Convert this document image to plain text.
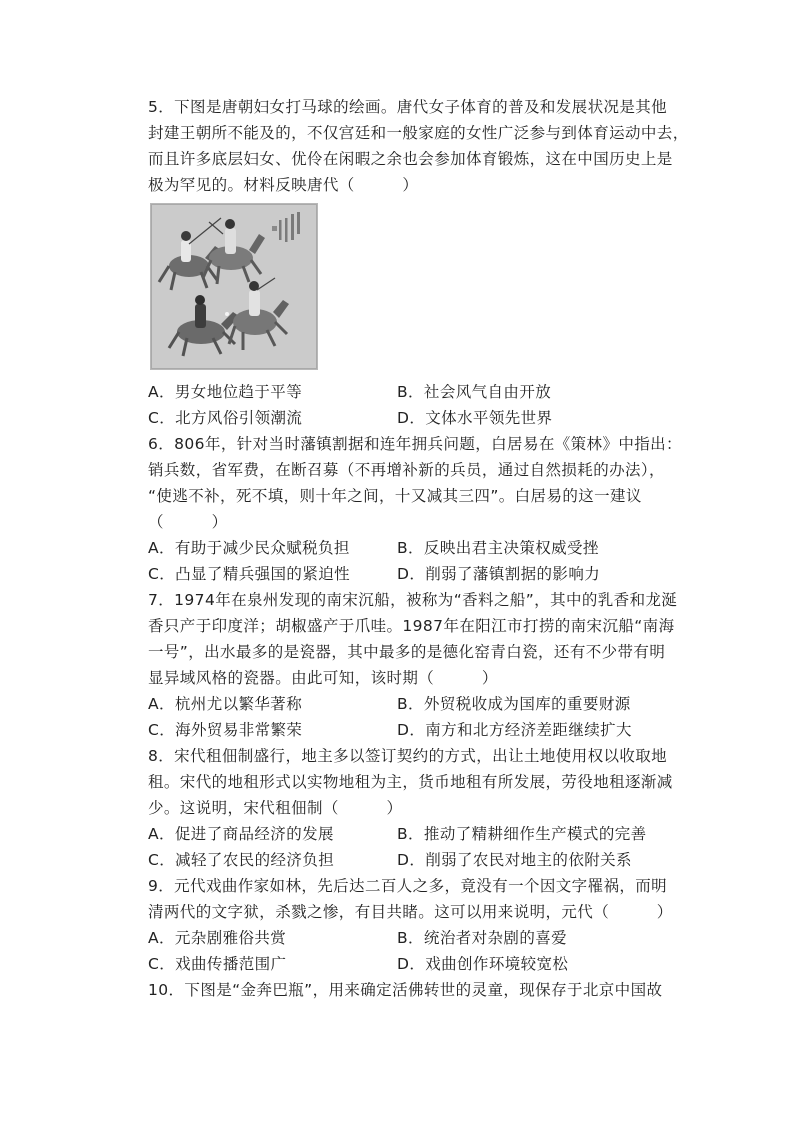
5．下图是唐朝妇女打马球的绘画。唐代女子体育的普及和发展状况是其他
封建王朝所不能及的，不仅宫廷和一般家庭的女性广泛参与到体育运动中去，
而且许多底层妇女、优伶在闲暇之余也会参加体育锻炼，这在中国历史上是
极为罕见的。材料反映唐代（　　　）
A．男女地位趋于平等	B．社会风气自由开放
C．北方风俗引领潮流	D．文体水平领先世界
6．806年，针对当时藩镇割据和连年拥兵问题，白居易在《策林》中指出：
销兵数，省军费，在断召募（不再增补新的兵员，通过自然损耗的办法），
“使逃不补，死不填，则十年之间，十又减其三四”。白居易的这一建议
（　　　）
A．有助于减少民众赋税负担	B．反映出君主决策权威受挫
C．凸显了精兵强国的紧迫性	D．削弱了藩镇割据的影响力
7．1974年在泉州发现的南宋沉船，被称为“香料之船”，其中的乳香和龙涎
香只产于印度洋；胡椒盛产于爪哇。1987年在阳江市打捞的南宋沉船“南海
一号”，出水最多的是瓷器，其中最多的是德化窑青白瓷，还有不少带有明
显异域风格的瓷器。由此可知，该时期（　　　）
A．杭州尤以繁华著称	B．外贸税收成为国库的重要财源
C．海外贸易非常繁荣	D．南方和北方经济差距继续扩大
8．宋代租佃制盛行，地主多以签订契约的方式，出让土地使用权以收取地
租。宋代的地租形式以实物地租为主，货币地租有所发展，劳役地租逐渐减
少。这说明，宋代租佃制（　　　）
A．促进了商品经济的发展	B．推动了精耕细作生产模式的完善
C．减轻了农民的经济负担	D．削弱了农民对地主的依附关系
9．元代戏曲作家如林，先后达二百人之多，竟没有一个因文字罹祸，而明
清两代的文字狱，杀戮之惨，有目共睹。这可以用来说明，元代（　　　）
A．元杂剧雅俗共赏	B．统治者对杂剧的喜爱
C．戏曲传播范围广	D．戏曲创作环境较宽松
10．下图是“金奔巴瓶”，用来确定活佛转世的灵童，现保存于北京中国故
